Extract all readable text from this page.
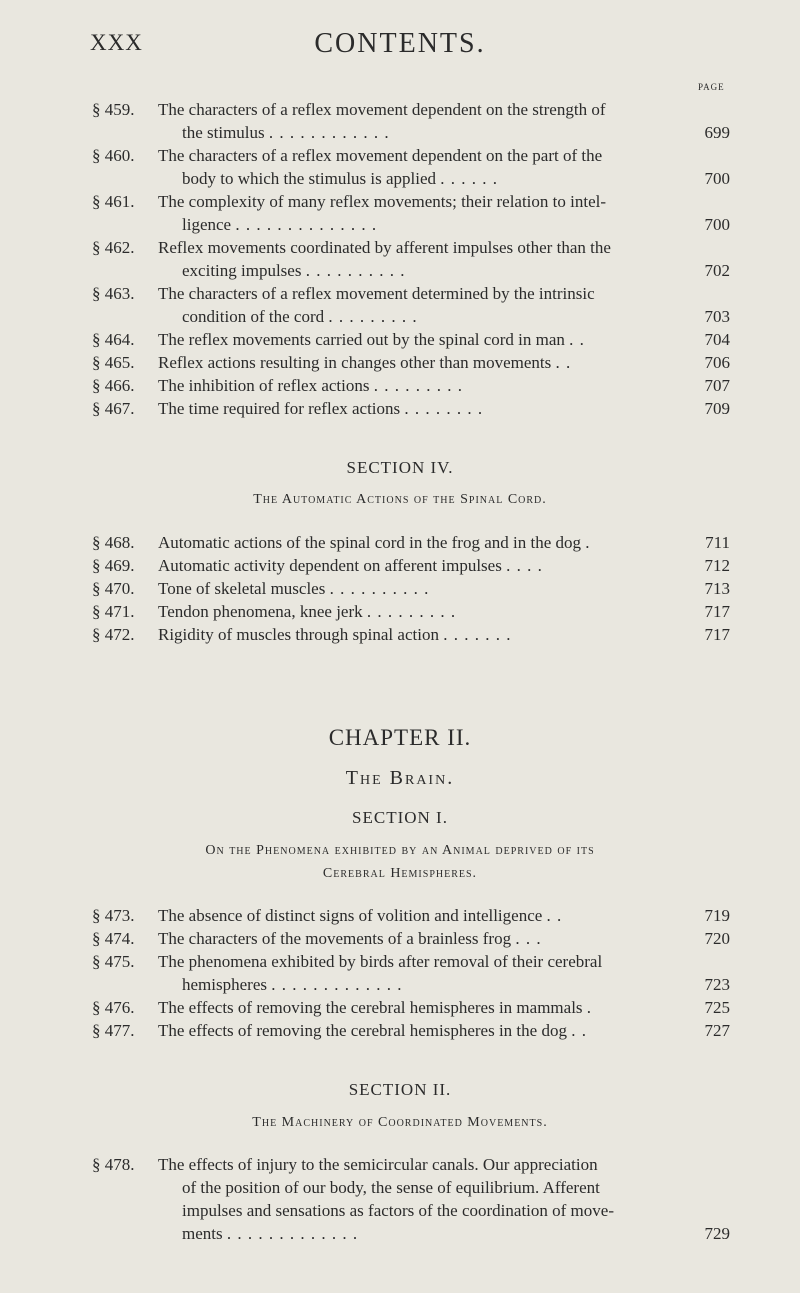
XXX	CONTENTS.
PAGE
§ 459. The characters of a reflex movement dependent on the strength of
the stimulus . . . . . . . . . . . .	699
§ 460. The characters of a reflex movement dependent on the part of the
body to which the stimulus is applied . . . . . .	700
§ 461. The complexity of many reflex movements; their relation to intel-
ligence . . . . . . . . . . . . . .	700
§ 462. Reflex movements coordinated by afferent impulses other than the
exciting impulses . . . . . . . . . .	702
§ 463. The characters of a reflex movement determined by the intrinsic
condition of the cord . . . . . . . . .	703
§ 464. The reflex movements carried out by the spinal cord in man . .	704
§ 465. Reflex actions resulting in changes other than movements . .	706
§ 466. The inhibition of reflex actions . . . . . . . . .	707
§ 467. The time required for reflex actions . . . . . . . .	709
SECTION IV.
The Automatic Actions of the Spinal Cord.
§ 468. Automatic actions of the spinal cord in the frog and in the dog .	711
§ 469. Automatic activity dependent on afferent impulses . . . .	712
§ 470. Tone of skeletal muscles . . . . . . . . . .	713
§ 471. Tendon phenomena, knee jerk . . . . . . . . .	717
§ 472. Rigidity of muscles through spinal action . . . . . . .	717
CHAPTER II.
The Brain.
SECTION I.
On the Phenomena exhibited by an Animal deprived of its
Cerebral Hemispheres.
§ 473. The absence of distinct signs of volition and intelligence . .	719
§ 474. The characters of the movements of a brainless frog . . .	720
§ 475. The phenomena exhibited by birds after removal of their cerebral
hemispheres . . . . . . . . . . . . .	723
§ 476. The effects of removing the cerebral hemispheres in mammals .	725
§ 477. The effects of removing the cerebral hemispheres in the dog . .	727
SECTION II.
The Machinery of Coordinated Movements.
§ 478. The effects of injury to the semicircular canals. Our appreciation
of the position of our body, the sense of equilibrium. Afferent
impulses and sensations as factors of the coordination of move-
ments . . . . . . . . . . . . .	729
